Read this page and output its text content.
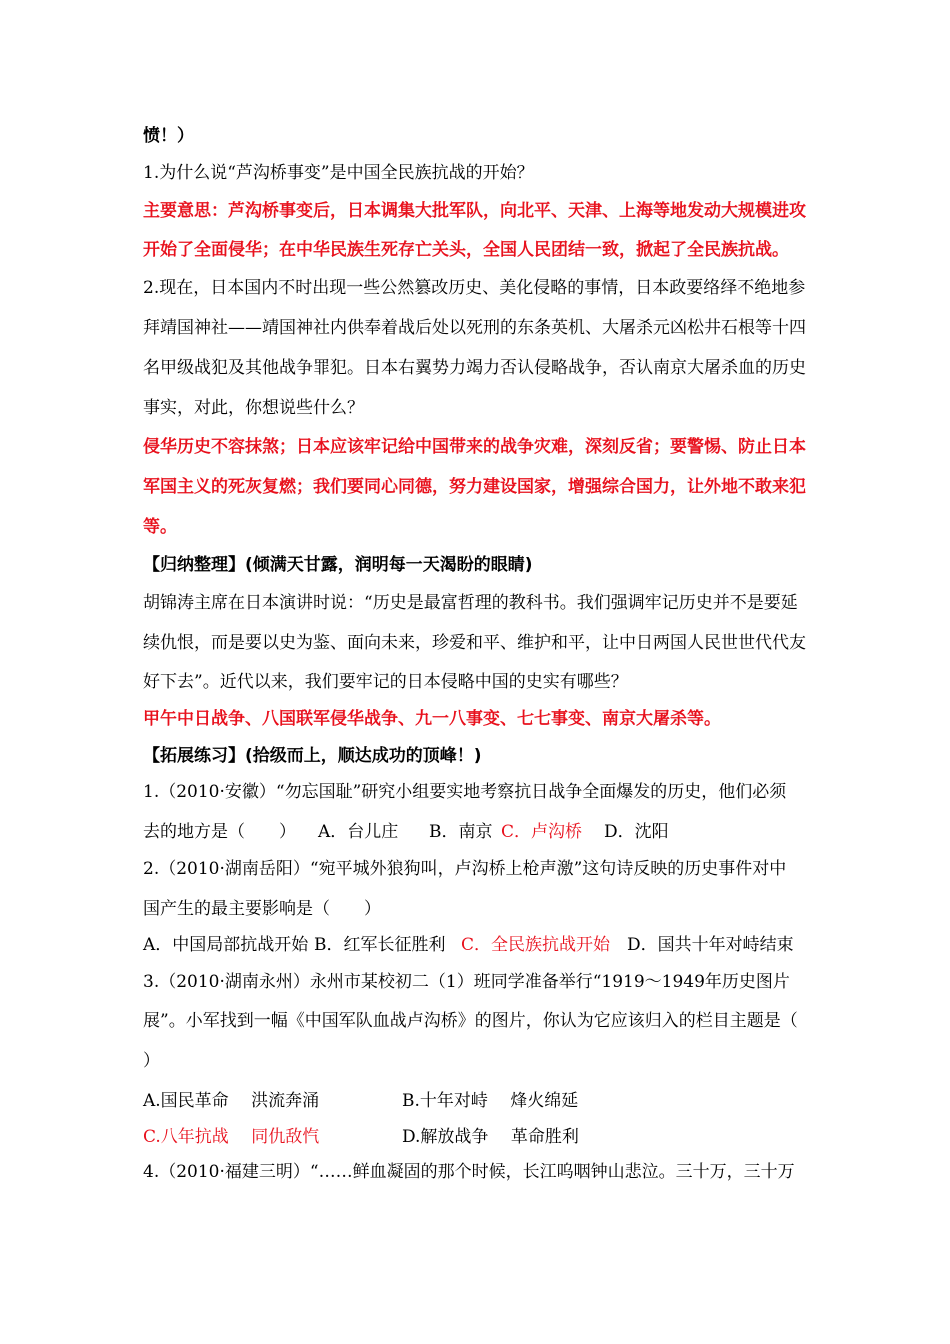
愤！）
1.为什么说“芦沟桥事变”是中国全民族抗战的开始？
主要意思：芦沟桥事变后，日本调集大批军队，向北平、天津、上海等地发动大规模进攻
开始了全面侵华；在中华民族生死存亡关头，全国人民团结一致，掀起了全民族抗战。
2.现在，日本国内不时出现一些公然篡改历史、美化侵略的事情，日本政要络绎不绝地参
拜靖国神社——靖国神社内供奉着战后处以死刑的东条英机、大屠杀元凶松井石根等十四
名甲级战犯及其他战争罪犯。日本右翼势力竭力否认侵略战争，否认南京大屠杀血的历史
事实，对此，你想说些什么？
侵华历史不容抹煞；日本应该牢记给中国带来的战争灾难，深刻反省；要警惕、防止日本
军国主义的死灰复燃；我们要同心同德，努力建设国家，增强综合国力，让外地不敢来犯
等。
【归纳整理】(倾满天甘露，润明每一天渴盼的眼睛)
胡锦涛主席在日本演讲时说：“历史是最富哲理的教科书。我们强调牢记历史并不是要延
续仇恨，而是要以史为鉴、面向未来，珍爱和平、维护和平，让中日两国人民世世代代友
好下去”。近代以来，我们要牢记的日本侵略中国的史实有哪些？
甲午中日战争、八国联军侵华战争、九一八事变、七七事变、南京大屠杀等。
【拓展练习】(拾级而上，顺达成功的顶峰！)
1.（2010·安徽）“勿忘国耻”研究小组要实地考察抗日战争全面爆发的历史，他们必须
去的地方是（　　） A．台儿庄 B．南京 C．卢沟桥 D．沈阳
2.（2010·湖南岳阳）“宛平城外狼狗叫，卢沟桥上枪声激”这句诗反映的历史事件对中
国产生的最主要影响是（　　）
A．中国局部抗战开始 B．红军长征胜利 C．全民族抗战开始 D．国共十年对峙结束
3.（2010·湖南永州）永州市某校初二（1）班同学准备举行“1919～1949年历史图片
展”。小军找到一幅《中国军队血战卢沟桥》的图片，你认为它应该归入的栏目主题是（
）
A.国民革命　 洪流奔涌	B.十年对峙　 烽火绵延
C.八年抗战　 同仇敌忾	D.解放战争　 革命胜利
4.（2010·福建三明）“……鲜血凝固的那个时候，长江呜咽钟山悲泣。三十万，三十万
